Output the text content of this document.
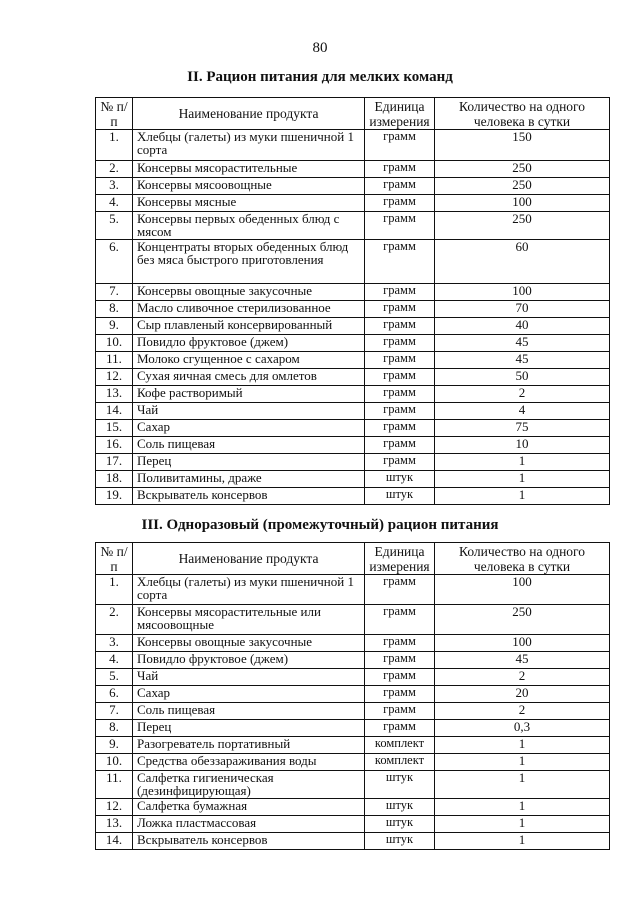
80
II. Рацион питания для мелких команд
№ п/п	Наименование продукта	Единица измерения	Количество на одного человека в сутки
1.	Хлебцы (галеты) из муки пшеничной 1 сорта	грамм	150
2.	Консервы мясорастительные	грамм	250
3.	Консервы мясоовощные	грамм	250
4.	Консервы мясные	грамм	100
5.	Консервы первых обеденных блюд с мясом	грамм	250
6.	Концентраты вторых обеденных блюд без мяса быстрого приготовления	грамм	60
7.	Консервы овощные закусочные	грамм	100
8.	Масло сливочное стерилизованное	грамм	70
9.	Сыр плавленый консервированный	грамм	40
10.	Повидло фруктовое (джем)	грамм	45
11.	Молоко сгущенное с сахаром	грамм	45
12.	Сухая яичная смесь для омлетов	грамм	50
13.	Кофе растворимый	грамм	2
14.	Чай	грамм	4
15.	Сахар	грамм	75
16.	Соль пищевая	грамм	10
17.	Перец	грамм	1
18.	Поливитамины, драже	штук	1
19.	Вскрыватель консервов	штук	1
III. Одноразовый (промежуточный) рацион питания
№ п/п	Наименование продукта	Единица измерения	Количество на одного человека в сутки
1.	Хлебцы (галеты) из муки пшеничной 1 сорта	грамм	100
2.	Консервы мясорастительные или мясоовощные	грамм	250
3.	Консервы овощные закусочные	грамм	100
4.	Повидло фруктовое (джем)	грамм	45
5.	Чай	грамм	2
6.	Сахар	грамм	20
7.	Соль пищевая	грамм	2
8.	Перец	грамм	0,3
9.	Разогреватель портативный	комплект	1
10.	Средства обеззараживания воды	комплект	1
11.	Салфетка гигиеническая (дезинфицирующая)	штук	1
12.	Салфетка бумажная	штук	1
13.	Ложка пластмассовая	штук	1
14.	Вскрыватель консервов	штук	1
